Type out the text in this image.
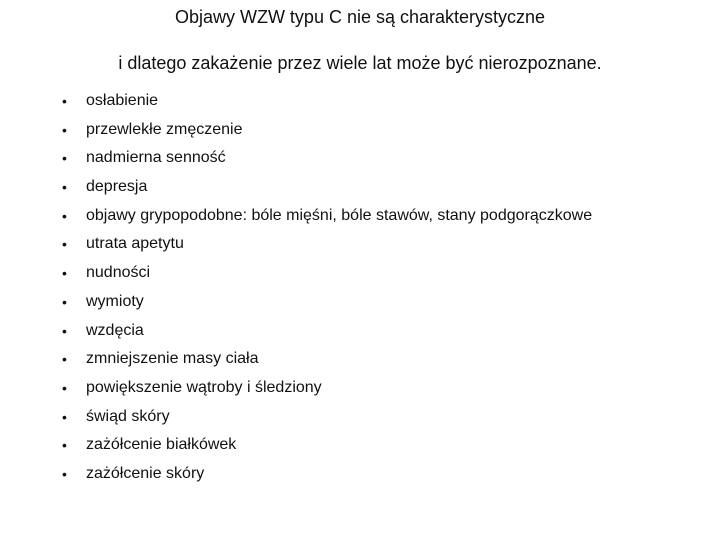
Objawy WZW typu C nie są charakterystyczne
i dlatego zakażenie przez wiele lat może być nierozpoznane.
• osłabienie
• przewlekłe zmęczenie
• nadmierna senność
• depresja
• objawy grypopodobne: bóle mięśni, bóle stawów, stany podgorączkowe
• utrata apetytu
• nudności
• wymioty
• wzdęcia
• zmniejszenie masy ciała
• powiększenie wątroby i śledziony
• świąd skóry
• zażółcenie białkówek
• zażółcenie skóry
